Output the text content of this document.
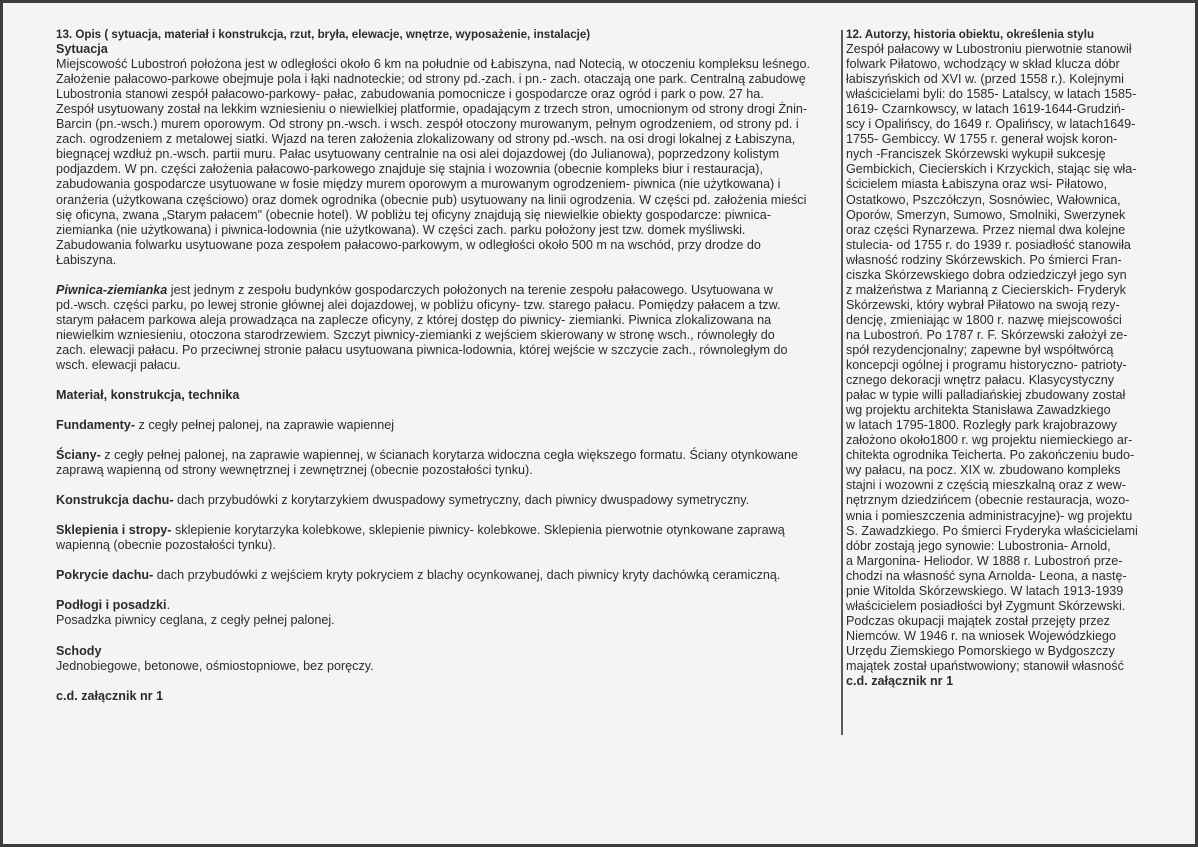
13. Opis ( sytuacja, materiał i konstrukcja, rzut, bryła, elewacje, wnętrze, wyposażenie, instalacje)

Sytuacja

Miejscowość Lubostroń położona jest w odległości około 6 km na południe od Łabiszyna, nad Notecią, w otoczeniu kompleksu leśnego.
Założenie pałacowo-parkowe obejmuje pola i łąki nadnoteckie; od strony pd.-zach. i pn.- zach. otaczają one park. Centralną zabudowę
Lubostronia stanowi zespół pałacowo-parkowy- pałac, zabudowania pomocnicze i gospodarcze oraz ogród i park o pow. 27 ha.
Zespół usytuowany został na lekkim wzniesieniu o niewielkiej platformie, opadającym z trzech stron, umocnionym od strony drogi Żnin-
Barcin (pn.-wsch.) murem oporowym. Od strony pn.-wsch. i wsch. zespół otoczony murowanym, pełnym ogrodzeniem, od strony pd. i
zach. ogrodzeniem z metalowej siatki. Wjazd na teren założenia zlokalizowany od strony pd.-wsch. na osi drogi lokalnej z Łabiszyna,
biegnącej wzdłuż pn.-wsch. partii muru. Pałac usytuowany centralnie na osi alei dojazdowej (do Julianowa), poprzedzony kolistym
podjazdem. W pn. części założenia pałacowo-parkowego znajduje się stajnia i wozownia (obecnie kompleks biur i restauracja),
zabudowania gospodarcze usytuowane w fosie między murem oporowym a murowanym ogrodzeniem- piwnica (nie użytkowana) i
oranżeria (użytkowana częściowo) oraz domek ogrodnika (obecnie pub) usytuowany na linii ogrodzenia. W części pd. założenia mieści
się oficyna, zwana „Starym pałacem" (obecnie hotel). W pobliżu tej oficyny znajdują się niewielkie obiekty gospodarcze: piwnica-
ziemianka (nie użytkowana) i piwnica-lodownia (nie użytkowana). W części zach. parku położony jest tzw. domek myśliwski.
Zabudowania folwarku usytuowane poza zespołem pałacowo-parkowym, w odległości około 500 m na wschód, przy drodze do
Łabiszyna.
Piwnica-ziemianka jest jednym z zespołu budynków gospodarczych położonych na terenie zespołu pałacowego. Usytuowana w
pd.-wsch. części parku, po lewej stronie głównej alei dojazdowej, w pobliżu oficyny- tzw. starego pałacu. Pomiędzy pałacem a tzw.
starym pałacem parkowa aleja prowadząca na zaplecze oficyny, z której dostęp do piwnicy- ziemianki. Piwnica zlokalizowana na
niewielkim wzniesieniu, otoczona starodrzewiem. Szczyt piwnicy-ziemianki z wejściem skierowany w stronę wsch., równoległy do
zach. elewacji pałacu. Po przeciwnej stronie pałacu usytuowana piwnica-lodownia, której wejście w szczycie zach., równoległym do
wsch. elewacji pałacu.

Materiał, konstrukcja, technika

Fundamenty- z cegły pełnej palonej, na zaprawie wapiennej
Ściany- z cegły pełnej palonej, na zaprawie wapiennej, w ścianach korytarza widoczna cegła większego formatu. Ściany otynkowane
zaprawą wapienną od strony wewnętrznej i zewnętrznej (obecnie pozostałości tynku).
Konstrukcja dachu- dach przybudówki z korytarzykiem dwuspadowy symetryczny, dach piwnicy dwuspadowy symetryczny.
Sklepienia i stropy- sklepienie korytarzyka kolebkowe, sklepienie piwnicy- kolebkowe. Sklepienia pierwotnie otynkowane zaprawą
wapienną (obecnie pozostałości tynku).
Pokrycie dachu- dach przybudówki z wejściem kryty pokryciem z blachy ocynkowanej, dach piwnicy kryty dachówką ceramiczną.
Podłogi i posadzki.
Posadzka piwnicy ceglana, z cegły pełnej palonej.
Schody
Jednobiegowe, betonowe, ośmiostopniowe, bez poręczy.
c.d. załącznik nr 1

12. Autorzy, historia obiektu, określenia stylu

Zespół pałacowy w Lubostroniu pierwotnie stanowił
folwark Piłatowo, wchodzący w skład klucza dóbr
łabiszyńskich od XVI w. (przed 1558 r.). Kolejnymi
właścicielami byli: do 1585- Latalscy, w latach 1585-
1619- Czarnkowscy, w latach 1619-1644-Grudziń-
scy i Opalińscy, do 1649 r. Opalińscy, w latach1649-
1755- Gembiccy. W 1755 r. generał wojsk koron-
nych -Franciszek Skórzewski wykupił sukcesję
Gembickich, Ciecierskich i Krzyckich, stając się wła-
ścicielem miasta Łabiszyna oraz wsi- Piłatowo,
Ostatkowo, Pszczółczyn, Sosnówiec, Wałownica,
Oporów, Smerzyn, Sumowo, Smolniki, Swerzynek
oraz części Rynarzewa. Przez niemal dwa kolejne
stulecia- od 1755 r. do 1939 r. posiadłość stanowiła
własność rodziny Skórzewskich. Po śmierci Fran-
ciszka Skórzewskiego dobra odziedziczył jego syn
z małżeństwa z Marianną z Ciecierskich- Fryderyk
Skórzewski, który wybrał Piłatowo na swoją rezy-
dencję, zmieniając w 1800 r. nazwę miejscowości
na Lubostroń. Po 1787 r. F. Skórzewski założył ze-
spół rezydencjonalny; zapewne był współtwórcą
koncepcji ogólnej i programu historyczno- patrioty-
cznego dekoracji wnętrz pałacu. Klasycystyczny
pałac w typie willi palladiańskiej zbudowany został
wg projektu architekta Stanisława Zawadzkiego
w latach 1795-1800. Rozległy park krajobrazowy
założono około1800 r. wg projektu niemieckiego ar-
chitekta ogrodnika Teicherta. Po zakończeniu budo-
wy pałacu, na pocz. XIX w. zbudowano kompleks
stajni i wozowni z częścią mieszkalną oraz z wew-
nętrznym dziedzińcem (obecnie restauracja, wozo-
wnia i pomieszczenia administracyjne)- wg projektu
S. Zawadzkiego. Po śmierci Fryderyka właścicielami
dóbr zostają jego synowie: Lubostronia- Arnold,
a Margonina- Heliodor. W 1888 r. Lubostroń prze-
chodzi na własność syna Arnolda- Leona, a nastę-
pnie Witolda Skórzewskiego. W latach 1913-1939
właścicielem posiadłości był Zygmunt Skórzewski.
Podczas okupacji majątek został przejęty przez
Niemców. W 1946 r. na wniosek Wojewódzkiego
Urzędu Ziemskiego Pomorskiego w Bydgoszczy
majątek został upaństwowiony; stanowił własność
c.d. załącznik nr 1
